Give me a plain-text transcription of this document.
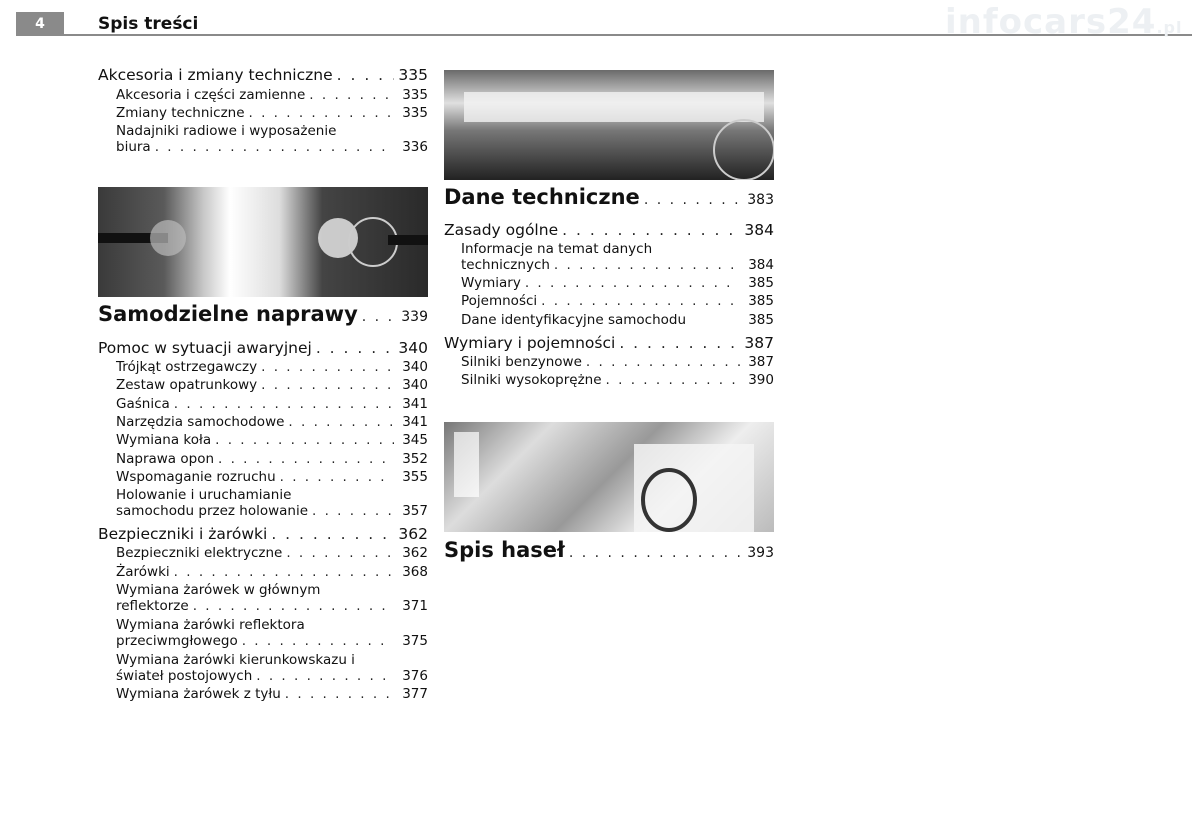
4	Spis treści	infocars24.pl
Akcesoria i zmiany techniczne . . .	335
Akcesoria i części zamienne . . .	335
Zmiany techniczne . . .	335
Nadajniki radiowe i wyposażenie
biura . . .	336
Samodzielne naprawy . . .	339
Pomoc w sytuacji awaryjnej . . .	340
Trójkąt ostrzegawczy . . .	340
Zestaw opatrunkowy . . .	340
Gaśnica . . .	341
Narzędzia samochodowe . . .	341
Wymiana koła . . .	345
Naprawa opon . . .	352
Wspomaganie rozruchu . . .	355
Holowanie i uruchamianie
samochodu przez holowanie . . .	357
Bezpieczniki i żarówki . . .	362
Bezpieczniki elektryczne . . .	362
Żarówki . . .	368
Wymiana żarówek w głównym
reflektorze . . .	371
Wymiana żarówki reflektora
przeciwmgłowego . . .	375
Wymiana żarówki kierunkowskazu i
świateł postojowych . . .	376
Wymiana żarówek z tyłu . . .	377
Dane techniczne . . .	383
Zasady ogólne . . .	384
Informacje na temat danych
technicznych . . .	384
Wymiary . . .	385
Pojemności . . .	385
Dane identyfikacyjne samochodu	385
Wymiary i pojemności . . .	387
Silniki benzynowe . . .	387
Silniki wysokoprężne . . .	390
Spis haseł . . .	393
